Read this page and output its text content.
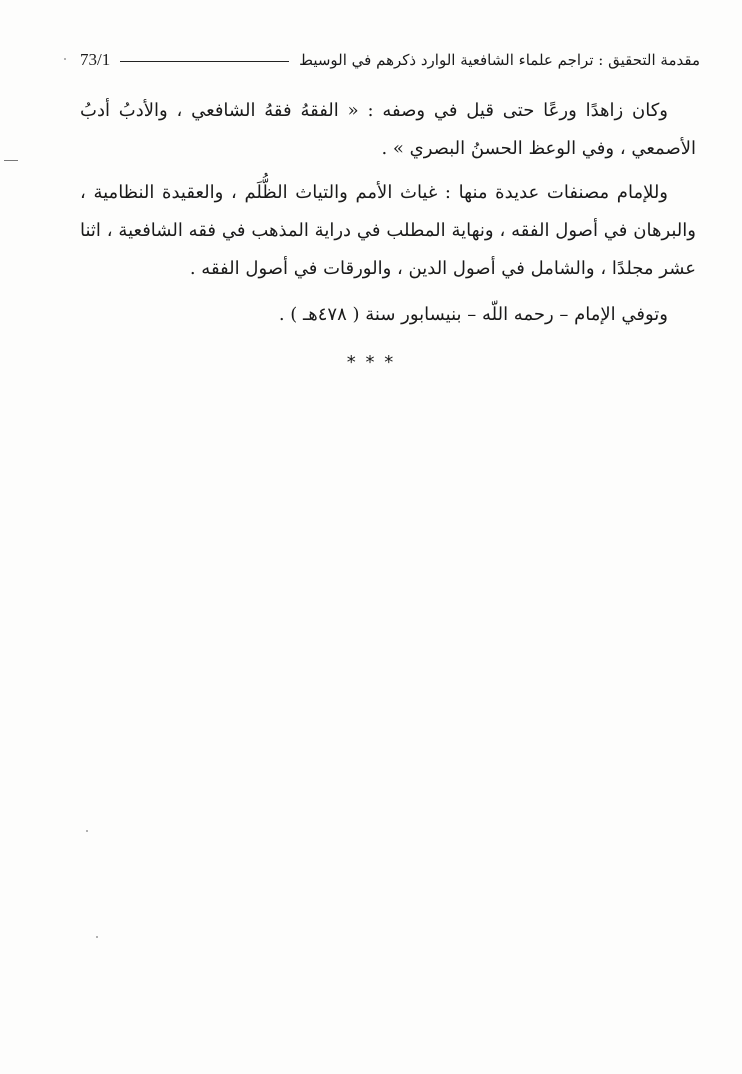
مقدمة التحقيق : تراجم علماء الشافعية الوارد ذكرهم في الوسيط
73/1

وكان زاهدًا ورعًا حتى قيل في وصفه : « الفقهُ فقهُ الشافعي ، والأدبُ أدبُ الأصمعي ، وفي الوعظ الحسنُ البصري » .

وللإمام مصنفات عديدة منها : غياث الأمم والتياث الظُّلَم ، والعقيدة النظامية ، والبرهان في أصول الفقه ، ونهاية المطلب في دراية المذهب في فقه الشافعية ، اثنا عشر مجلدًا ، والشامل في أصول الدين ، والورقات في أصول الفقه .

وتوفي الإمام – رحمه اللّه – بنيسابور سنة ( ٤٧٨هـ ) .

* * *
